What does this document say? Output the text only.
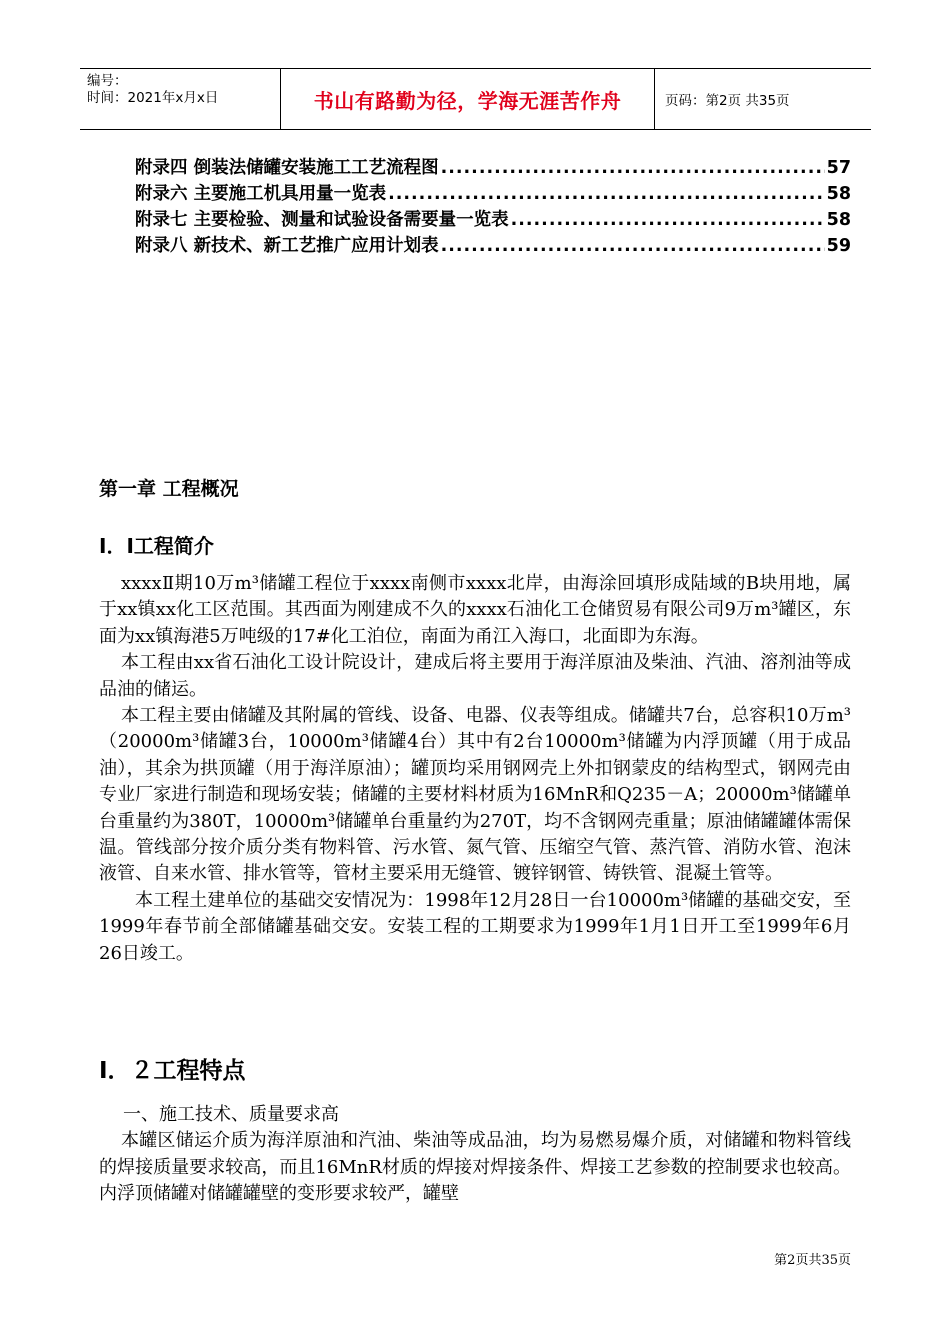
编号：
时间：2021年x月x日	书山有路勤为径，学海无涯苦作舟	页码：第2页 共35页
附录四 倒装法储罐安装施工工艺流程图 .....	57
附录六 主要施工机具用量一览表 .....	58
附录七 主要检验、测量和试验设备需要量一览表 .....	58
附录八 新技术、新工艺推广应用计划表 .....	59
第一章 工程概况
I．I工程简介

xxxxⅡ期10万m³储罐工程位于xxxx南侧市xxxx北岸，由海涂回填形成陆域的B块用地，属于xx镇xx化工区范围。其西面为刚建成不久的xxxx石油化工仓储贸易有限公司9万m³罐区，东面为xx镇海港5万吨级的17#化工泊位，南面为甬江入海口，北面即为东海。

本工程由xx省石油化工设计院设计，建成后将主要用于海洋原油及柴油、汽油、溶剂油等成品油的储运。

本工程主要由储罐及其附属的管线、设备、电器、仪表等组成。储罐共7台，总容积10万m³（20000m³储罐3台，10000m³储罐4台）其中有2台10000m³储罐为内浮顶罐（用于成品油），其余为拱顶罐（用于海洋原油）；罐顶均采用钢网壳上外扣钢蒙皮的结构型式，钢网壳由专业厂家进行制造和现场安装；储罐的主要材料材质为16MnR和Q235－A；20000m³储罐单台重量约为380T，10000m³储罐单台重量约为270T，均不含钢网壳重量；原油储罐罐体需保温。管线部分按介质分类有物料管、污水管、氮气管、压缩空气管、蒸汽管、消防水管、泡沫液管、自来水管、排水管等，管材主要采用无缝管、镀锌钢管、铸铁管、混凝土管等。

本工程土建单位的基础交安情况为：1998年12月28日一台10000m³储罐的基础交安，至1999年春节前全部储罐基础交安。安装工程的工期要求为1999年1月1日开工至1999年6月26日竣工。

I．２工程特点

一、施工技术、质量要求高

本罐区储运介质为海洋原油和汽油、柴油等成品油，均为易燃易爆介质，对储罐和物料管线的焊接质量要求较高，而且16MnR材质的焊接对焊接条件、焊接工艺参数的控制要求也较高。内浮顶储罐对储罐罐壁的变形要求较严，罐壁

第2页共35页
